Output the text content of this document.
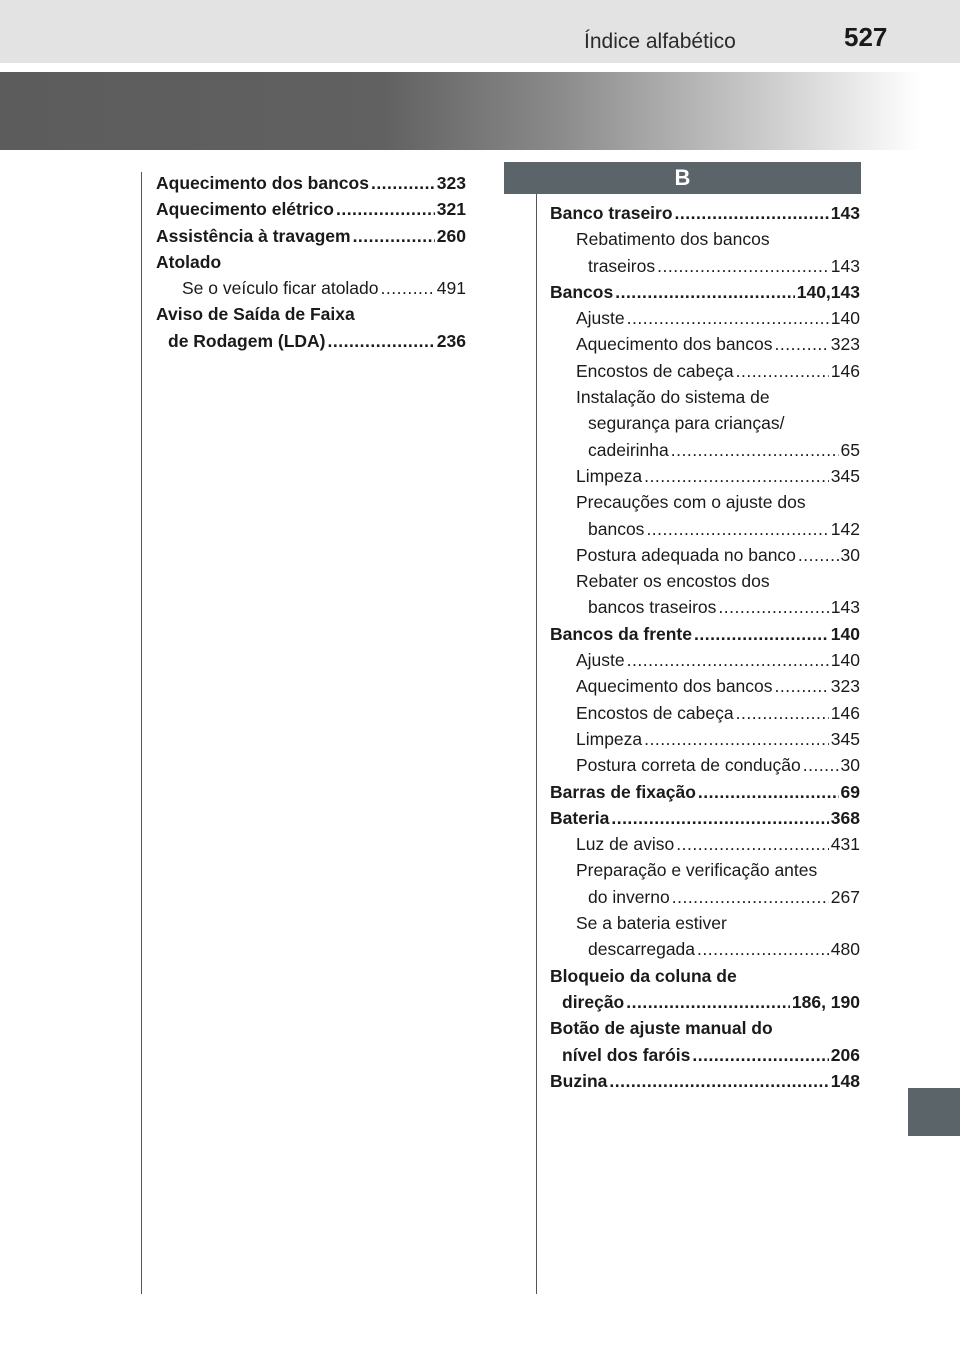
Índice alfabético	527
B
Aquecimento dos bancos .....	323
Aquecimento elétrico .....	321
Assistência à travagem .....	260
Atolado
Se o veículo ficar atolado .....	491
Aviso de Saída de Faixa
de Rodagem (LDA) .....	236
Banco traseiro .....	143
Rebatimento dos bancos
traseiros .....	143
Bancos .....	140,143
Ajuste .....	140
Aquecimento dos bancos .....	323
Encostos de cabeça .....	146
Instalação do sistema de
segurança para crianças/
cadeirinha .....	65
Limpeza .....	345
Precauções com o ajuste dos
bancos .....	142
Postura adequada no banco .....	30
Rebater os encostos dos
bancos traseiros .....	143
Bancos da frente .....	140
Ajuste .....	140
Aquecimento dos bancos .....	323
Encostos de cabeça .....	146
Limpeza .....	345
Postura correta de condução ..... 30
Barras de fixação .....	69
Bateria .....	368
Luz de aviso .....	431
Preparação e verificação antes
do inverno .....	267
Se a bateria estiver
descarregada .....	480
Bloqueio da coluna de
direção .....	186, 190
Botão de ajuste manual do
nível dos faróis .....	206
Buzina .....	148
